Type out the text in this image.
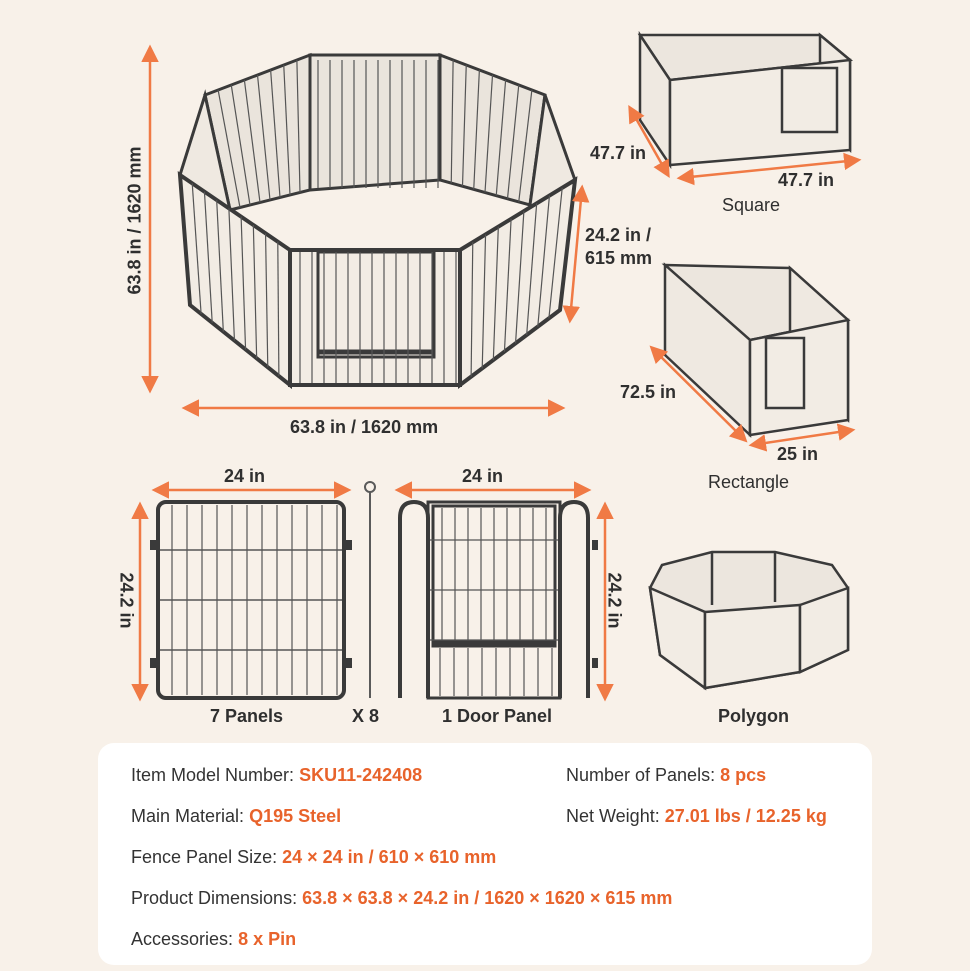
63.8 in / 1620 mm
63.8 in / 1620 mm
24.2 in /
615 mm
47.7 in
47.7 in
Square
72.5 in
25 in
Rectangle
24 in
24.2 in
7 Panels	X 8
24 in
24.2 in
1 Door Panel	Polygon
Item Model Number: SKU11-242408	Number of Panels: 8 pcs
Main Material: Q195 Steel	Net Weight: 27.01 lbs / 12.25 kg
Fence Panel Size: 24 × 24 in / 610 × 610 mm
Product Dimensions: 63.8 × 63.8 × 24.2 in / 1620 × 1620 × 615 mm
Accessories: 8 x Pin
